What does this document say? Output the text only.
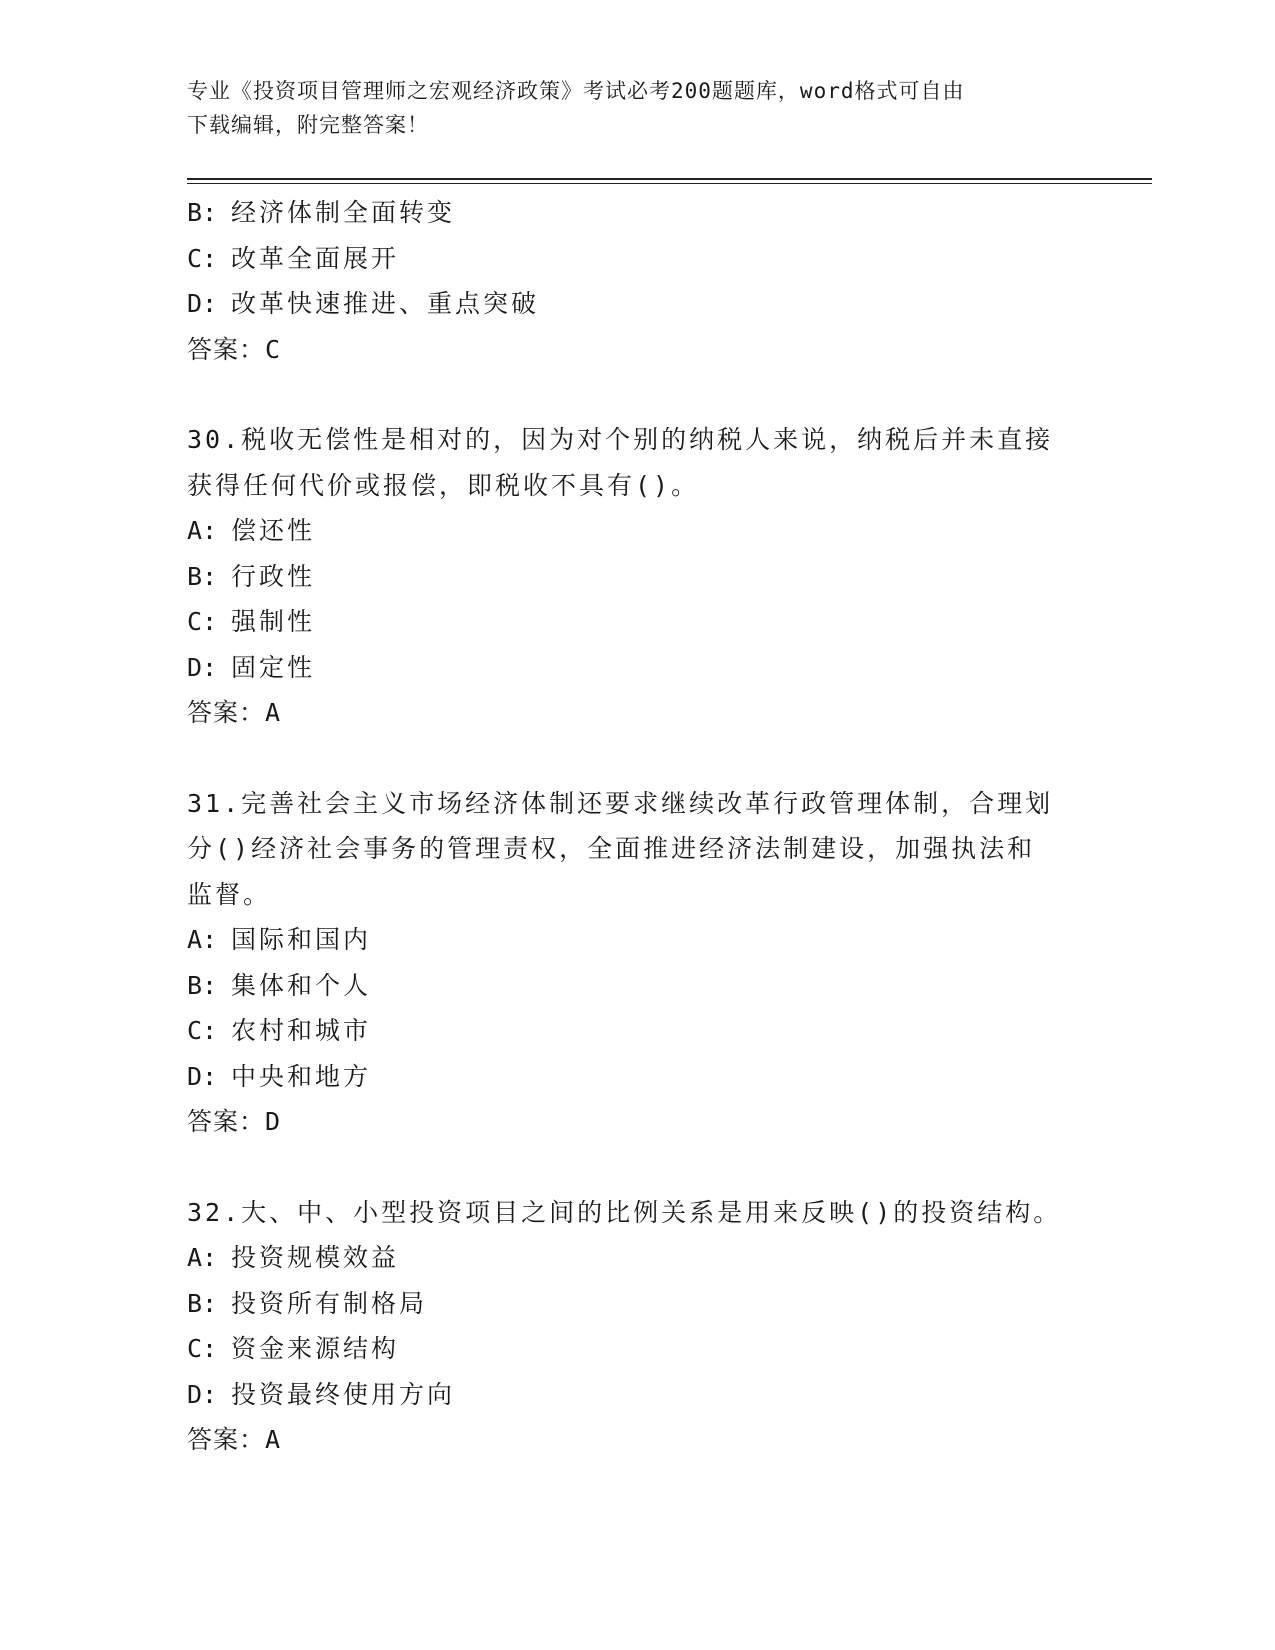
专业《投资项目管理师之宏观经济政策》考试必考200题题库，word格式可自由
下载编辑，附完整答案！
B: 经济体制全面转变
C: 改革全面展开
D: 改革快速推进、重点突破
答案：C
30.税收无偿性是相对的，因为对个别的纳税人来说，纳税后并未直接
获得任何代价或报偿，即税收不具有()。
A: 偿还性
B: 行政性
C: 强制性
D: 固定性
答案：A
31.完善社会主义市场经济体制还要求继续改革行政管理体制，合理划
分()经济社会事务的管理责权，全面推进经济法制建设，加强执法和
监督。
A: 国际和国内
B: 集体和个人
C: 农村和城市
D: 中央和地方
答案：D
32.大、中、小型投资项目之间的比例关系是用来反映()的投资结构。
A: 投资规模效益
B: 投资所有制格局
C: 资金来源结构
D: 投资最终使用方向
答案：A
